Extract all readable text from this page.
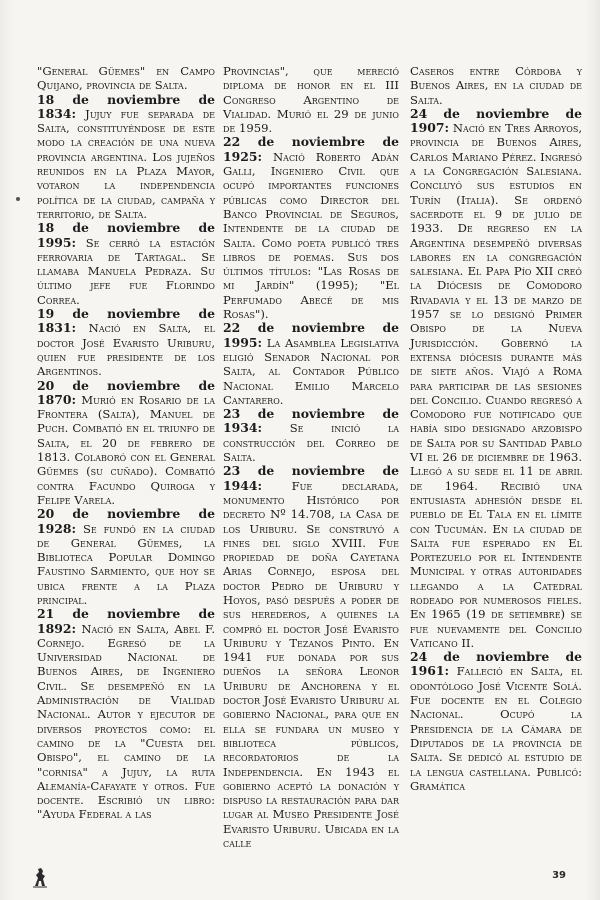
"General Güemes" en Campo Quijano, provincia de Salta.
18 de noviembre de 1834: Jujuy fue separada de Salta, constituyéndose de este modo la creación de una nueva provincia argentina. Los jujeños reunidos en la Plaza Mayor, votaron la independencia política de la ciudad, campaña y territorio, de Salta.
18 de noviembre de 1995: Se cerró la estación ferrovaria de Tartagal. Se llamaba Manuela Pedraza. Su último jefe fue Florindo Correa.
19 de noviembre de 1831: Nació en Salta, el doctor José Evaristo Uriburu, quien fue presidente de los Argentinos.
20 de noviembre de 1870: Murió en Rosario de la Frontera (Salta), Manuel de Puch. Combatió en el triunfo de Salta, el 20 de febrero de 1813. Colaboró con el General Güemes (su cuñado). Combatió contra Facundo Quiroga y Felipe Varela.
20 de noviembre de 1928: Se fundó en la ciudad de General Güemes, la Biblioteca Popular Domingo Faustino Sarmiento, que hoy se ubica frente a la Plaza principal.
21 de noviembre de 1892: Nació en Salta, Abel F. Cornejo. Egresó de la Universidad Nacional de Buenos Aires, de Ingeniero Civil. Se desempeñó en la Administración de Vialidad Nacional. Autor y ejecutor de diversos proyectos como: el camino de la "Cuesta del Obispo", el camino de la "cornisa" a Jujuy, la ruta Alemanía-Cafayate y otros. Fue docente. Escribió un libro: "Ayuda Federal a las
Provincias", que mereció diploma de honor en el III Congreso Argentino de Vialidad. Murió el 29 de junio de 1959.
22 de noviembre de 1925: Nació Roberto Adán Galli, Ingeniero Civil que ocupó importantes funciones públicas como Director del Banco Provincial de Seguros, Intendente de la ciudad de Salta. Como poeta publicó tres libros de poemas. Sus dos últimos títulos: "Las Rosas de mi Jardín" (1995); "El Perfumado Abecé de mis Rosas").
22 de noviembre de 1995: La Asamblea Legislativa eligió Senador Nacional por Salta, al Contador Público Nacional Emilio Marcelo Cantarero.
23 de noviembre de 1934: Se inició la construcción del Correo de Salta.
23 de noviembre de 1944:	Fue declarada, monumento Histórico por decreto Nº 14.708, la Casa de los Uriburu. Se construyó a fines del siglo XVIII. Fue propiedad de doña Cayetana Arias Cornejo, esposa del doctor Pedro de Uriburu y Hoyos, pasó después a poder de sus herederos, a quienes la compró el doctor José Evaristo Uriburu y Tezanos Pinto. En 1941 fue donada por sus dueños la señora Leonor Uriburu de Anchorena y el doctor José Evaristo Uriburu al gobierno Nacional, para que en ella se fundara un museo y biblioteca públicos, recordatorios de la Independencia. En 1943 el gobierno aceptó la donación y dispuso la restauración para dar lugar al Museo Presidente José Evaristo Uriburu. Ubicada en la calle
Caseros entre Córdoba y Buenos Aires, en la ciudad de Salta.
24 de noviembre de 1907: Nació en Tres Arroyos, provincia de Buenos Aires, Carlos Mariano Pérez. Ingresó a la Congregación Salesiana. Concluyó sus estudios en Turín (Italia). Se ordenó sacerdote el 9 de julio de 1933. De regreso en la Argentina desempeñó diversas labores en la congregación salesiana. El Papa Pío XII creó la Diócesis de Comodoro Rivadavia y el 13 de marzo de 1957 se lo designó Primer Obispo de la Nueva Jurisdicción. Gobernó la extensa diócesis durante más de siete años. Viajó a Roma para participar de las sesiones del Concilio. Cuando regresó a Comodoro fue notificado que había sido designado arzobispo de Salta por su Santidad Pablo VI el 26 de diciembre de 1963. Llegó a su sede el 11 de abril de 1964. Recibió una entusiasta adhesión desde el pueblo de El Tala en el límite con Tucumán. En la ciudad de Salta fue esperado en El Portezuelo por el Intendente Municipal y otras autoridades llegando a la Catedral rodeado por numerosos fieles. En 1965 (19 de setiembre) se fue nuevamente del Concilio Vaticano II.
24 de noviembre de 1961: Falleció en Salta, el odontólogo José Vicente Solá. Fue docente en el Colegio Nacional. Ocupó la Presidencia de la Cámara de Diputados de la provincia de Salta. Se dedicó al estudio de la lengua castellana. Publicó: Gramática
39
